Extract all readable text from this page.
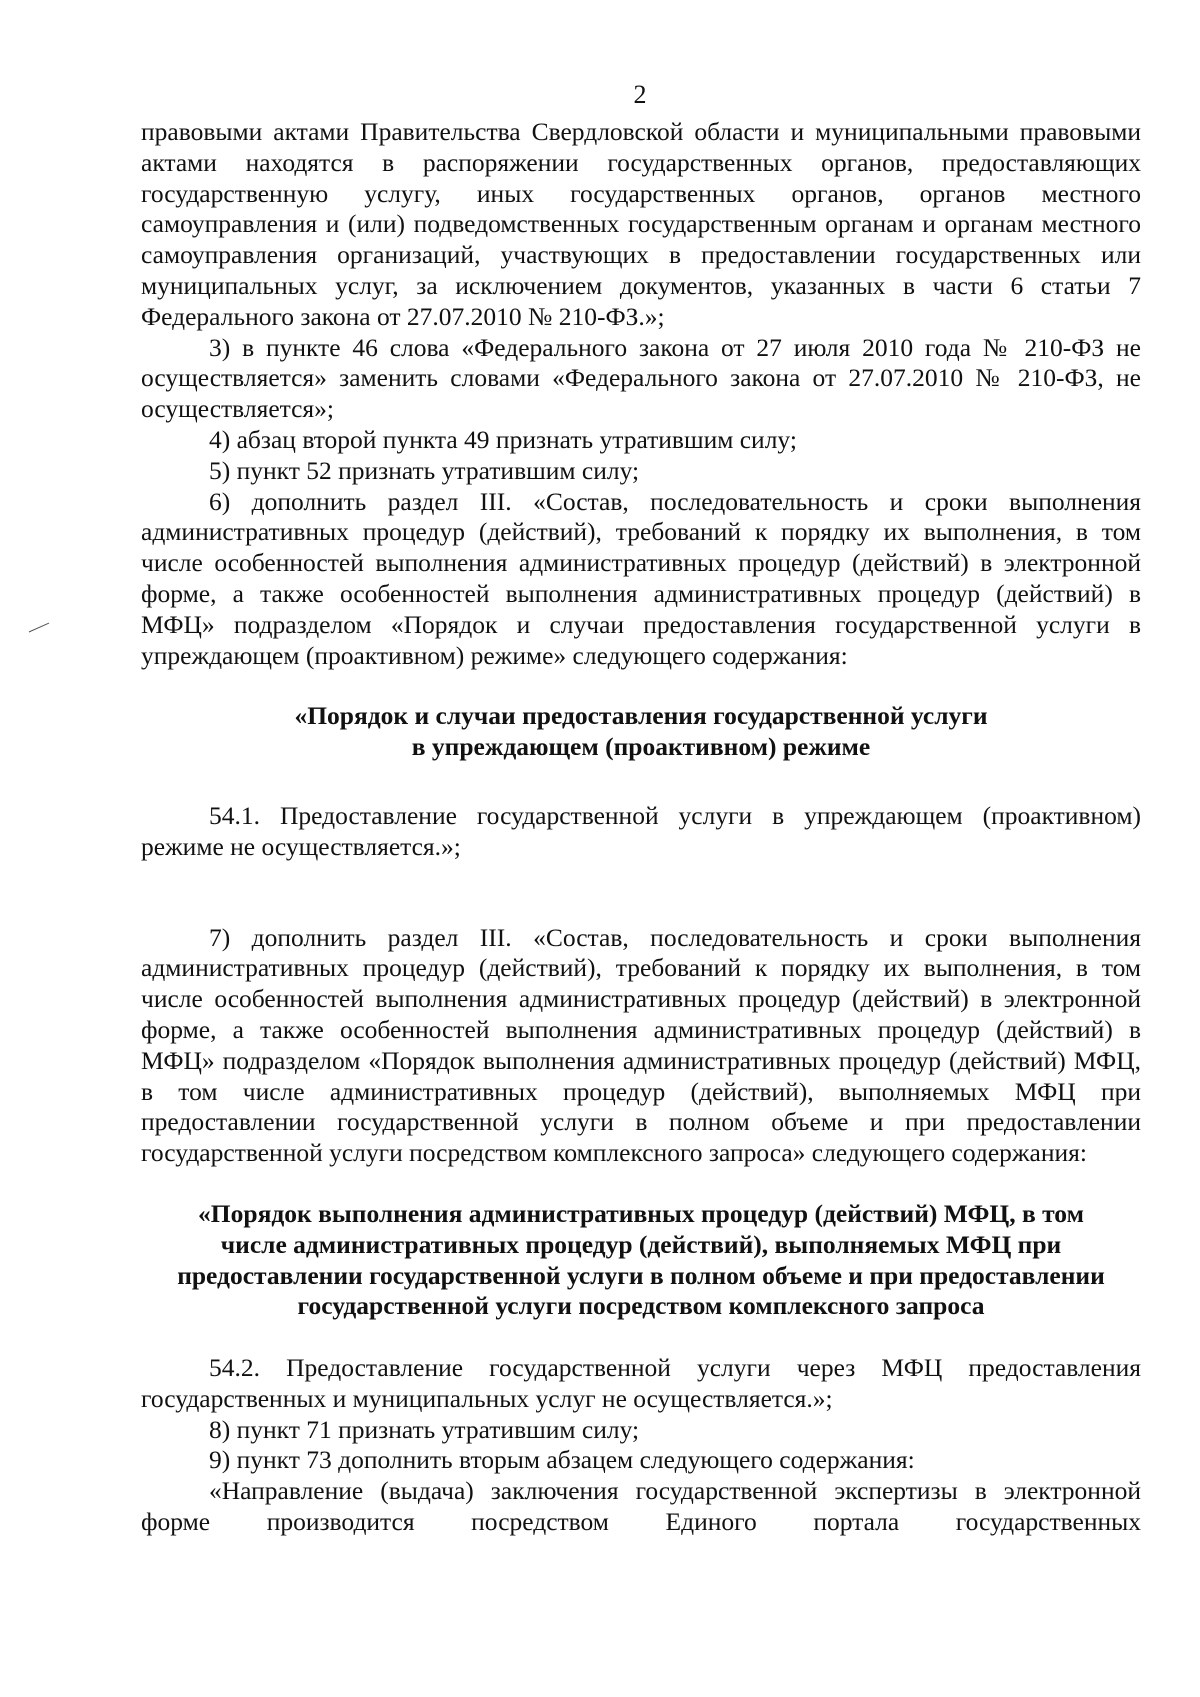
2

правовыми актами Правительства Свердловской области и муниципальными правовыми актами находятся в распоряжении государственных органов, предоставляющих государственную услугу, иных государственных органов, органов местного самоуправления и (или) подведомственных государственным органам и органам местного самоуправления организаций, участвующих в предоставлении государственных или муниципальных услуг, за исключением документов, указанных в части 6 статьи 7 Федерального закона от 27.07.2010 № 210-ФЗ.»;

3) в пункте 46 слова «Федерального закона от 27 июля 2010 года № 210-ФЗ не осуществляется» заменить словами «Федерального закона от 27.07.2010 № 210-ФЗ, не осуществляется»;

4) абзац второй пункта 49 признать утратившим силу;

5) пункт 52 признать утратившим силу;

6) дополнить раздел III. «Состав, последовательность и сроки выполнения административных процедур (действий), требований к порядку их выполнения, в том числе особенностей выполнения административных процедур (действий) в электронной форме, а также особенностей выполнения административных процедур (действий) в МФЦ» подразделом «Порядок и случаи предоставления государственной услуги в упреждающем (проактивном) режиме» следующего содержания:

«Порядок и случаи предоставления государственной услуги
в упреждающем (проактивном) режиме

54.1. Предоставление государственной услуги в упреждающем (проактивном) режиме не осуществляется.»;

7) дополнить раздел III. «Состав, последовательность и сроки выполнения административных процедур (действий), требований к порядку их выполнения, в том числе особенностей выполнения административных процедур (действий) в электронной форме, а также особенностей выполнения административных процедур (действий) в МФЦ» подразделом «Порядок выполнения административных процедур (действий) МФЦ, в том числе административных процедур (действий), выполняемых МФЦ при предоставлении государственной услуги в полном объеме и при предоставлении государственной услуги посредством комплексного запроса» следующего содержания:

«Порядок выполнения административных процедур (действий) МФЦ, в том
числе административных процедур (действий), выполняемых МФЦ при
предоставлении государственной услуги в полном объеме и при предоставлении
государственной услуги посредством комплексного запроса

54.2. Предоставление государственной услуги через МФЦ предоставления государственных и муниципальных услуг не осуществляется.»;

8) пункт 71 признать утратившим силу;

9) пункт 73 дополнить вторым абзацем следующего содержания:

«Направление (выдача) заключения государственной экспертизы в электронной форме производится посредством Единого портала государственных
